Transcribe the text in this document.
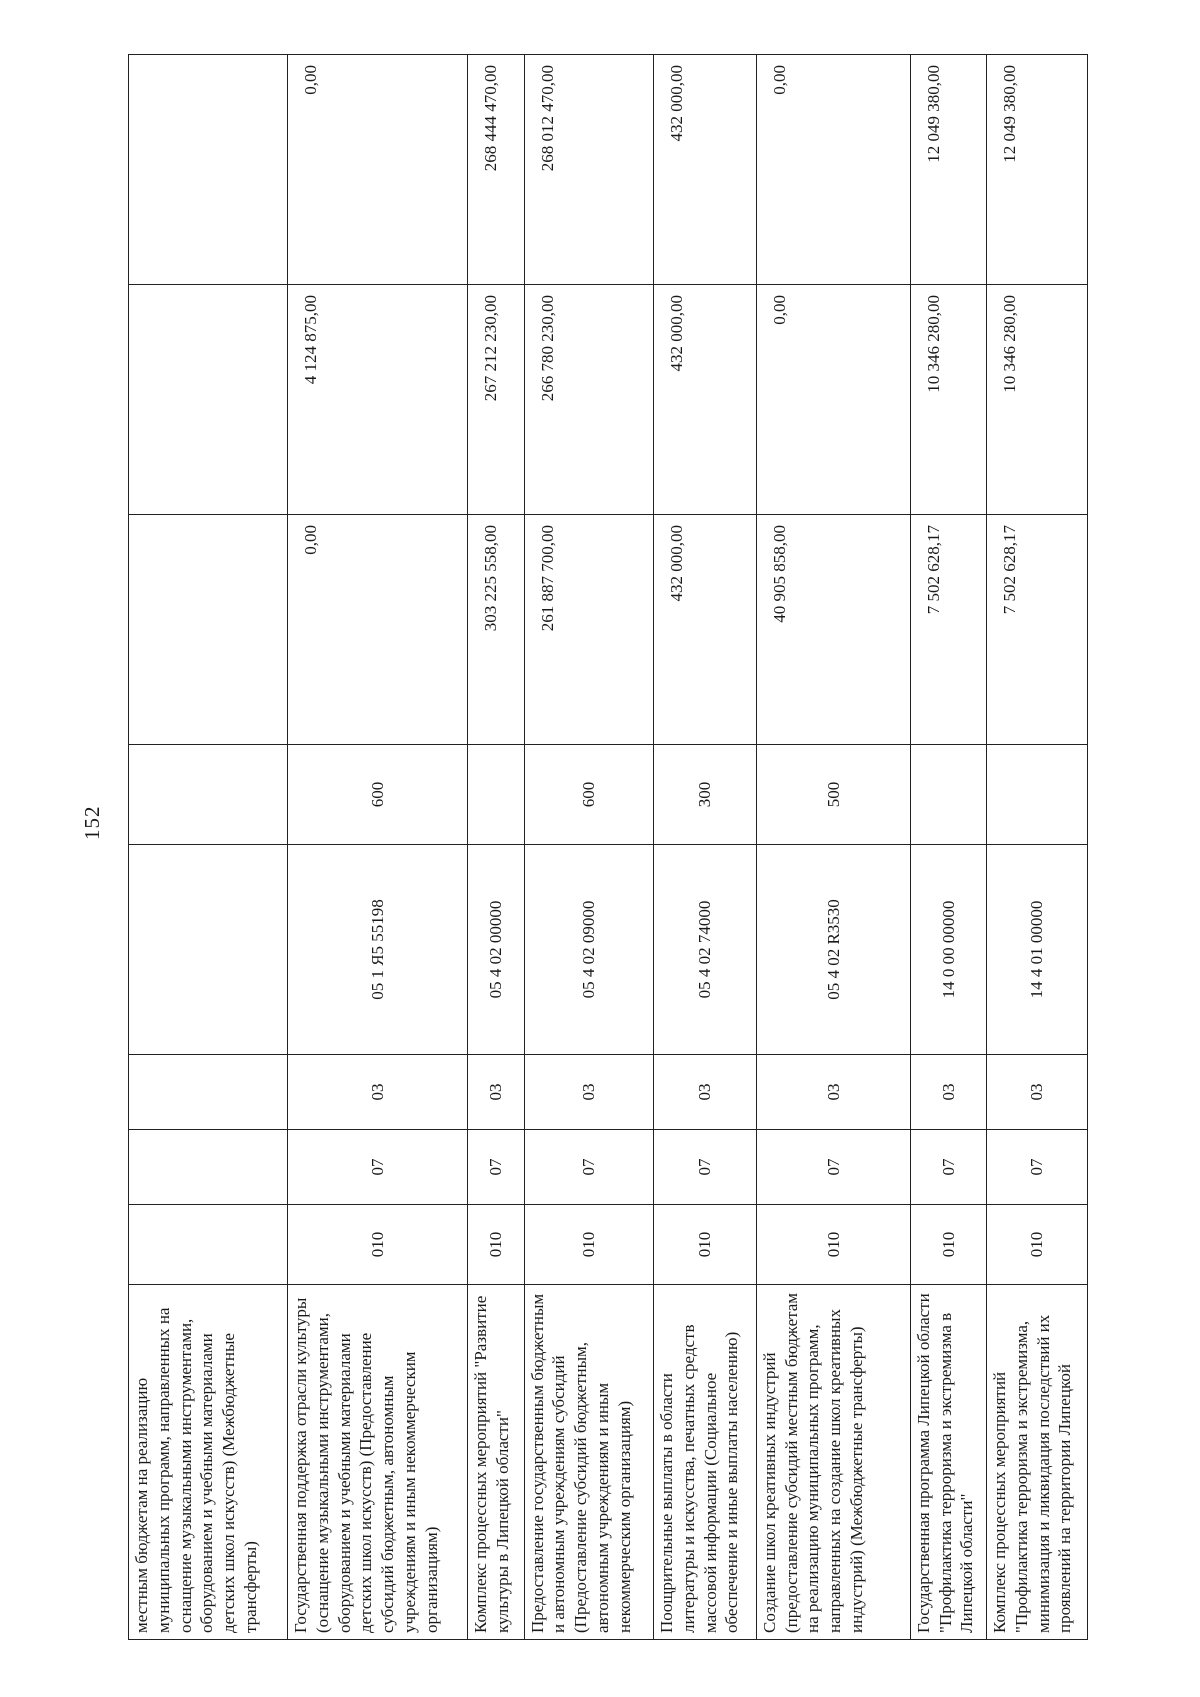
152
местным бюджетам на реализацию муниципальных программ, направленных на оснащение музыкальными инструментами, оборудованием и учебными материалами детских школ искусств) (Межбюджетные трансферты)								
Государственная поддержка отрасли культуры (оснащение музыкальными инструментами, оборудованием и учебными материалами детских школ искусств) (Предоставление субсидий бюджетным, автономным учреждениям и иным некоммерческим организациям)	010	07	03	05 1 Я5 55198	600	0,00	4 124 875,00	0,00
Комплекс процессных мероприятий "Развитие культуры в Липецкой области"	010	07	03	05 4 02 00000		303 225 558,00	267 212 230,00	268 444 470,00
Предоставление государственным бюджетным и автономным учреждениям субсидий (Предоставление субсидий бюджетным, автономным учреждениям и иным некоммерческим организациям)	010	07	03	05 4 02 09000	600	261 887 700,00	266 780 230,00	268 012 470,00
Поощрительные выплаты в области литературы и искусства, печатных средств массовой информации (Социальное обеспечение и иные выплаты населению)	010	07	03	05 4 02 74000	300	432 000,00	432 000,00	432 000,00
Создание школ креативных индустрий (предоставление субсидий местным бюджетам на реализацию муниципальных программ, направленных на создание школ креативных индустрий) (Межбюджетные трансферты)	010	07	03	05 4 02 R3530	500	40 905 858,00	0,00	0,00
Государственная программа Липецкой области "Профилактика терроризма и экстремизма в Липецкой области"	010	07	03	14 0 00 00000		7 502 628,17	10 346 280,00	12 049 380,00
Комплекс процессных мероприятий "Профилактика терроризма и экстремизма, минимизация и ликвидация последствий их проявлений на территории Липецкой	010	07	03	14 4 01 00000		7 502 628,17	10 346 280,00	12 049 380,00
